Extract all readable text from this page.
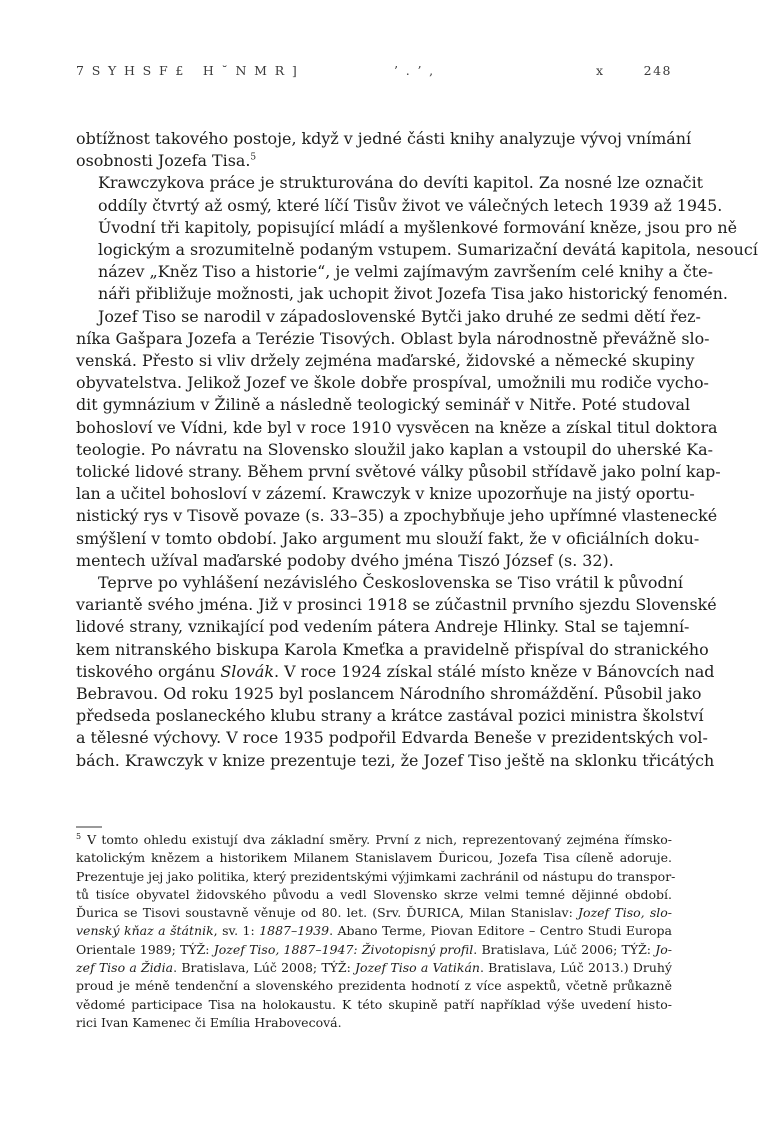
7SYHSF£ H˘NMR]	’.’,	x	248

obtížnost takového postoje, když v jedné části knihy analyzuje vývoj vnímání
osobnosti Jozefa Tisa.$^5$

Krawczykova práce je strukturována do devíti kapitol. Za nosné lze označit
oddíly čtvrtý až osmý, které líčí Tisův život ve válečných letech 1939 až 1945.
Úvodní tři kapitoly, popisující mládí a myšlenkové formování kněze, jsou pro ně
logickým a srozumitelně podaným vstupem. Sumarizační devátá kapitola, nesoucí
název „Kněz Tiso a historie“, je velmi zajímavým završením celé knihy a čte-
náři přibližuje možnosti, jak uchopit život Jozefa Tisa jako historický fenomén.

Jozef Tiso se narodil v západoslovenské Bytči jako druhé ze sedmi dětí řez-
níka Gašpara Jozefa a Terézie Tisových. Oblast byla národnostně převážně slo-
venská. Přesto si vliv držely zejména maďarské, židovské a německé skupiny
obyvatelstva. Jelikož Jozef ve škole dobře prospíval, umožnili mu rodiče vycho-
dit gymnázium v Žilině a následně teologický seminář v Nitře. Poté studoval
bohosloví ve Vídni, kde byl v roce 1910 vysvěcen na kněze a získal titul doktora
teologie. Po návratu na Slovensko sloužil jako kaplan a vstoupil do uherské Ka-
tolické lidové strany. Během první světové války působil střídavě jako polní kap-
lan a učitel bohosloví v zázemí. Krawczyk v knize upozorňuje na jistý oportu-
nistický rys v Tisově povaze (s. 33–35) a zpochybňuje jeho upřímné vlastenecké
smýšlení v tomto období. Jako argument mu slouží fakt, že v oficiálních doku-
mentech užíval maďarské podoby dvého jména Tiszó József (s. 32).

Teprve po vyhlášení nezávislého Československa se Tiso vrátil k původní
variantě svého jména. Již v prosinci 1918 se zúčastnil prvního sjezdu Slovenské
lidové strany, vznikající pod vedením pátera Andreje Hlinky. Stal se tajemní-
kem nitranského biskupa Karola Kmeťka a pravidelně přispíval do stranického
tiskového orgánu Slovák. V roce 1924 získal stálé místo kněze v Bánovcích nad
Bebravou. Od roku 1925 byl poslancem Národního shromáždění. Působil jako
předseda poslaneckého klubu strany a krátce zastával pozici ministra školství
a tělesné výchovy. V roce 1935 podpořil Edvarda Beneše v prezidentských vol-
bách. Krawczyk v knize prezentuje tezi, že Jozef Tiso ještě na sklonku třicátých

$^5$ V tomto ohledu existují dva základní směry. První z nich, reprezentovaný zejména římsko-
katolickým knězem a historikem Milanem Stanislavem Ďuricou, Jozefa Tisa cíleně adoruje.
Prezentuje jej jako politika, který prezidentskými výjimkami zachránil od nástupu do transpor-
tů tisíce obyvatel židovského původu a vedl Slovensko skrze velmi temné dějinné období.
Ďurica se Tisovi soustavně věnuje od 80. let. (Srv. ĎURICA, Milan Stanislav: Jozef Tiso, slo-
venský kňaz a štátnik, sv. 1: 1887–1939. Abano Terme, Piovan Editore – Centro Studi Europa
Orientale 1989; TÝŽ: Jozef Tiso, 1887–1947: Životopisný profil. Bratislava, Lúč 2006; TÝŽ: Jo-
zef Tiso a Židia. Bratislava, Lúč 2008; TÝŽ: Jozef Tiso a Vatikán. Bratislava, Lúč 2013.) Druhý
proud je méně tendenční a slovenského prezidenta hodnotí z více aspektů, včetně průkazně
vědomé participace Tisa na holokaustu. K této skupině patří například výše uvedení histo-
rici Ivan Kamenec či Emília Hrabovecová.
